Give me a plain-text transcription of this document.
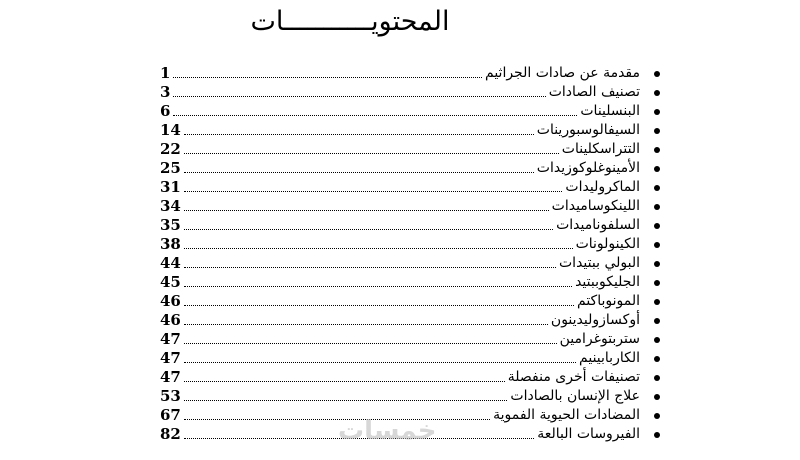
المحتويـــــــــــات
مقدمة عن صادات الجراثيم
1
تصنيف الصادات
3
البنسلينات
6
السيفالوسبورينات
14
التتراسكلينات
22
الأمينوغلوكوزيدات
25
الماكروليدات
31
اللينكوساميدات
34
السلفوناميدات
35
الكينولونات
38
البولي ببتيدات
44
الجليكوببتيد
45
المونوباكتم
46
أوكسازوليدينون
46
ستربتوغرامين
47
الكاربابينيم
47
تصنيفات أخرى منفصلة
47
علاج الإنسان بالصادات
53
المضادات الحيوية الفموية
67
الفيروسات البالعة
82	خمسات
